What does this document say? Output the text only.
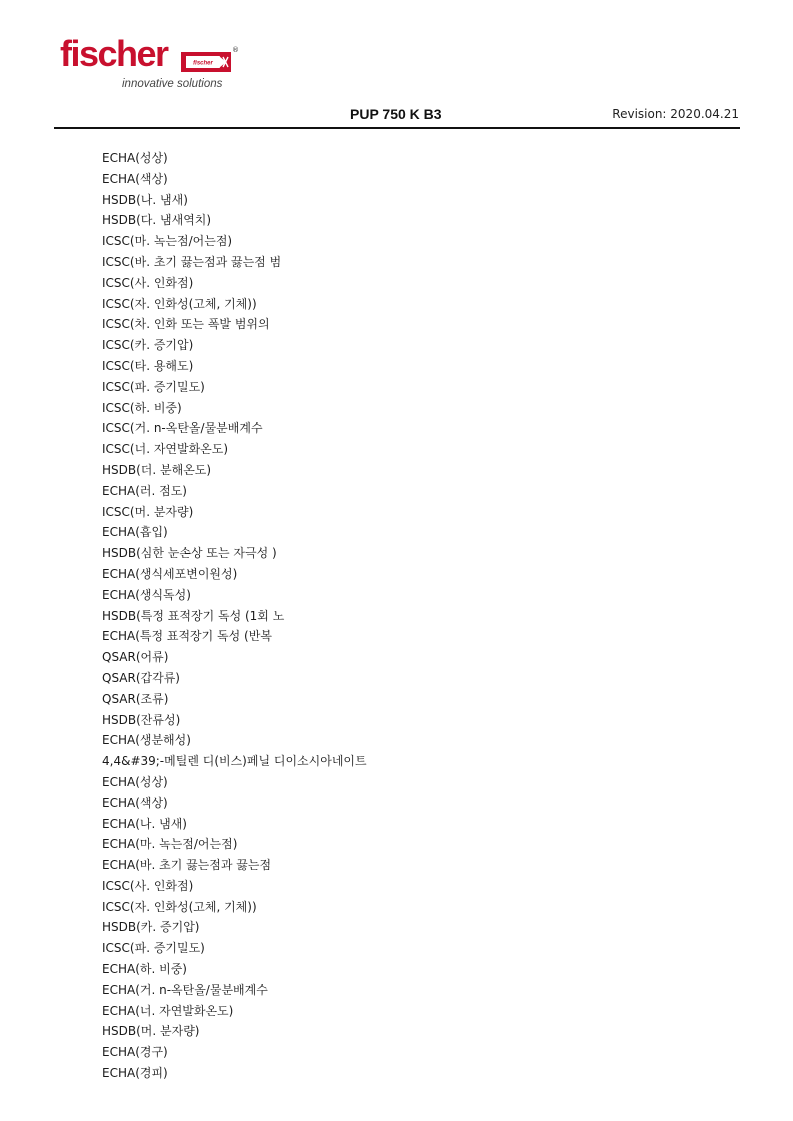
fischer	fischer
®
innovative solutions
PUP 750 K B3	Revision: 2020.04.21
ECHA(성상)
ECHA(색상)
HSDB(나. 냄새)
HSDB(다. 냄새역치)
ICSC(마. 녹는점/어는점)
ICSC(바. 초기 끓는점과 끓는점 범
ICSC(사. 인화점)
ICSC(자. 인화성(고체, 기체))
ICSC(차. 인화 또는 폭발 범위의
ICSC(카. 증기압)
ICSC(타. 용해도)
ICSC(파. 증기밀도)
ICSC(하. 비중)
ICSC(거. n-옥탄올/물분배계수
ICSC(너. 자연발화온도)
HSDB(더. 분해온도)
ECHA(러. 점도)
ICSC(머. 분자량)
ECHA(흡입)
HSDB(심한 눈손상 또는 자극성 )
ECHA(생식세포변이원성)
ECHA(생식독성)
HSDB(특정 표적장기 독성 (1회 노
ECHA(특정 표적장기 독성 (반복
QSAR(어류)
QSAR(갑각류)
QSAR(조류)
HSDB(잔류성)
ECHA(생분해성)
4,4&#39;-메틸렌 디(비스)페닐 디이소시아네이트
ECHA(성상)
ECHA(색상)
ECHA(나. 냄새)
ECHA(마. 녹는점/어는점)
ECHA(바. 초기 끓는점과 끓는점
ICSC(사. 인화점)
ICSC(자. 인화성(고체, 기체))
HSDB(카. 증기압)
ICSC(파. 증기밀도)
ECHA(하. 비중)
ECHA(거. n-옥탄올/물분배계수
ECHA(너. 자연발화온도)
HSDB(머. 분자량)
ECHA(경구)
ECHA(경피)
